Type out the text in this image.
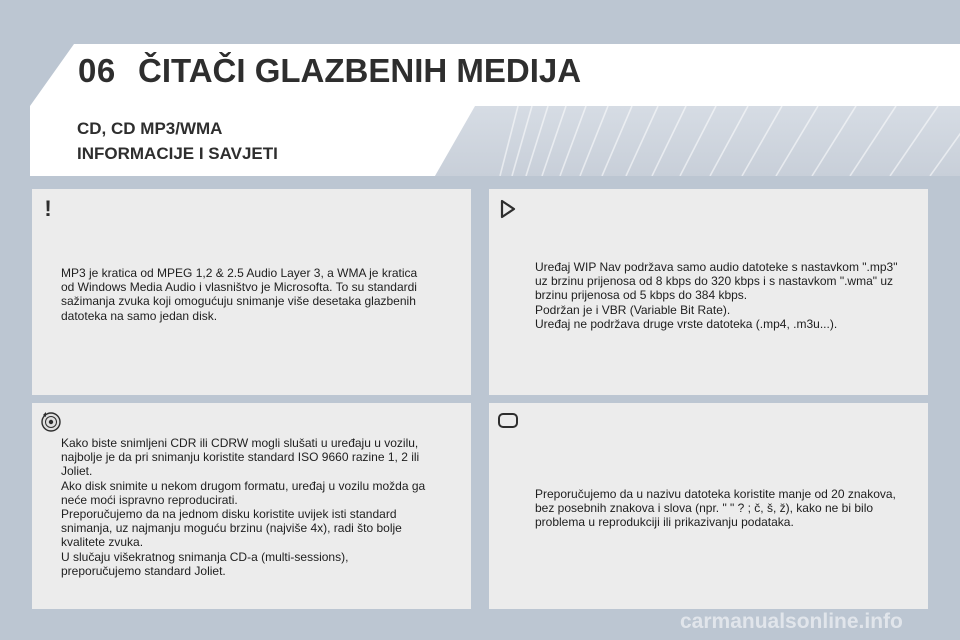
06 ČITAČI GLAZBENIH MEDIJA
CD, CD MP3/WMA
INFORMACIJE I SAVJETI
!
MP3 je kratica od MPEG 1,2 & 2.5 Audio Layer 3, a WMA je kratica
od Windows Media Audio i vlasništvo je Microsofta. To su standardi
sažimanja zvuka koji omogućuju snimanje više desetaka glazbenih
datoteka na samo jedan disk.
Uređaj WIP Nav podržava samo audio datoteke s nastavkom ".mp3"
uz brzinu prijenosa od 8 kbps do 320 kbps i s nastavkom ".wma" uz
brzinu prijenosa od 5 kbps do 384 kbps.
Podržan je i VBR (Variable Bit Rate).
Uređaj ne podržava druge vrste datoteka (.mp4, .m3u...).
Kako biste snimljeni CDR ili CDRW mogli slušati u uređaju u vozilu,
najbolje je da pri snimanju koristite standard ISO 9660 razine 1, 2 ili
Joliet.
Ako disk snimite u nekom drugom formatu, uređaj u vozilu možda ga
neće moći ispravno reproducirati.
Preporučujemo da na jednom disku koristite uvijek isti standard
snimanja, uz najmanju moguću brzinu (najviše 4x), radi što bolje
kvalitete zvuka.
U slučaju višekratnog snimanja CD-a (multi-sessions),
preporučujemo standard Joliet.
Preporučujemo da u nazivu datoteka koristite manje od 20 znakova,
bez posebnih znakova i slova (npr. " " ? ; č, š, ž), kako ne bi bilo
problema u reprodukciji ili prikazivanju podataka.
carmanualsonline.info
